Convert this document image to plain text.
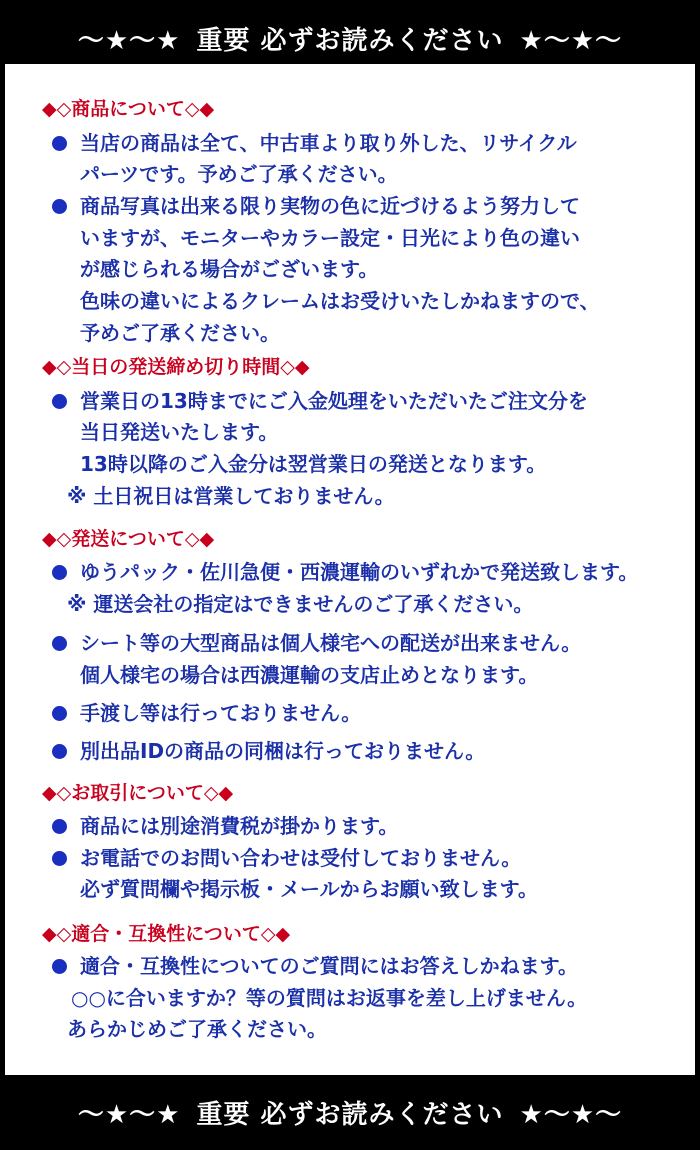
〜★〜★ 重要 必ずお読みください ★〜★〜
◆◇商品について◇◆
当店の商品は全て、中古車より取り外した、リサイクル
パーツです。予めご了承ください。
商品写真は出来る限り実物の色に近づけるよう努力して
いますが、モニターやカラー設定・日光により色の違い
が感じられる場合がございます。
色味の違いによるクレームはお受けいたしかねますので、
予めご了承ください。
◆◇当日の発送締め切り時間◇◆
営業日の13時までにご入金処理をいただいたご注文分を
当日発送いたします。
13時以降のご入金分は翌営業日の発送となります。
※ 土日祝日は営業しておりません。
◆◇発送について◇◆
ゆうパック・佐川急便・西濃運輸のいずれかで発送致します。
※ 運送会社の指定はできませんのご了承ください。
シート等の大型商品は個人様宅への配送が出来ません。
個人様宅の場合は西濃運輸の支店止めとなります。
手渡し等は行っておりません。
別出品IDの商品の同梱は行っておりません。
◆◇お取引について◇◆
商品には別途消費税が掛かります。
お電話でのお問い合わせは受付しておりません。
必ず質問欄や掲示板・メールからお願い致します。
◆◇適合・互換性について◇◆
適合・互換性についてのご質問にはお答えしかねます。
○○に合いますか？等の質問はお返事を差し上げません。
あらかじめご了承ください。
〜★〜★ 重要 必ずお読みください ★〜★〜
